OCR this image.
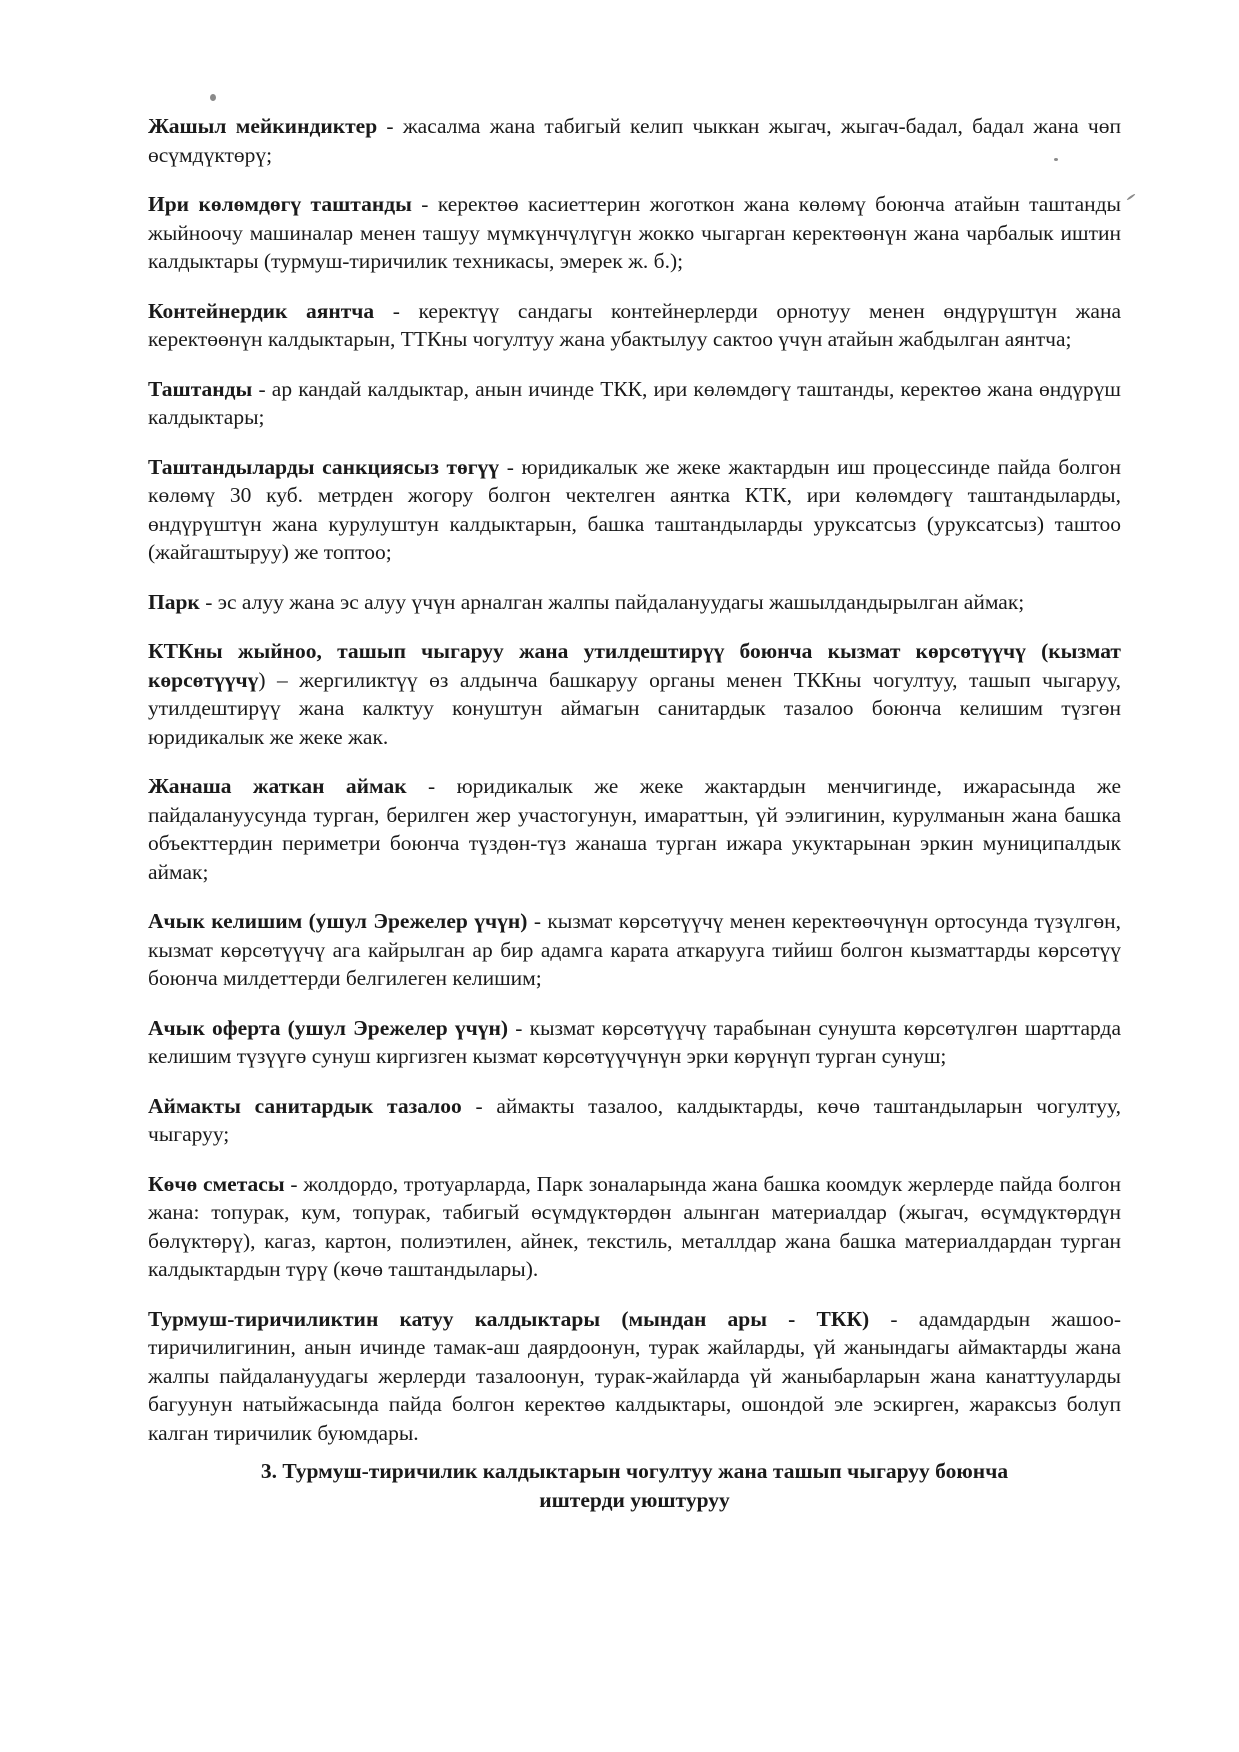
Жашыл мейкиндиктер - жасалма жана табигый келип чыккан жыгач, жыгач-бадал, бадал жана чөп өсүмдүктөрү;

Ири көлөмдөгү таштанды - керектөө касиеттерин жоготкон жана көлөмү боюнча атайын таштанды жыйноочу машиналар менен ташуу мүмкүнчүлүгүн жокко чыгарган керектөөнүн жана чарбалык иштин калдыктары (турмуш-тиричилик техникасы, эмерек ж. б.);

Контейнердик аянтча - керектүү сандагы контейнерлерди орнотуу менен өндүрүштүн жана керектөөнүн калдыктарын, ТТКны чогултуу жана убактылуу сактоо үчүн атайын жабдылган аянтча;

Таштанды - ар кандай калдыктар, анын ичинде ТКК, ири көлөмдөгү таштанды, керектөө жана өндүрүш калдыктары;

Таштандыларды санкциясыз төгүү - юридикалык же жеке жактардын иш процессинде пайда болгон көлөмү 30 куб. метрден жогору болгон чектелген аянтка КТК, ири көлөмдөгү таштандыларды, өндүрүштүн жана курулуштун калдыктарын, башка таштандыларды уруксатсыз (уруксатсыз) таштоо (жайгаштыруу) же топтоо;

Парк - эс алуу жана эс алуу үчүн арналган жалпы пайдалануудагы жашылдандырылган аймак;

КТКны жыйноо, ташып чыгаруу жана утилдештирүү боюнча кызмат көрсөтүүчү (кызмат көрсөтүүчү) – жергиликтүү өз алдынча башкаруу органы менен ТККны чогултуу, ташып чыгаруу, утилдештирүү жана калктуу конуштун аймагын санитардык тазалоо боюнча келишим түзгөн юридикалык же жеке жак.

Жанаша жаткан аймак - юридикалык же жеке жактардын менчигинде, ижарасында же пайдалануусунда турган, берилген жер участогунун, имараттын, үй ээлигинин, курулманын жана башка объекттердин периметри боюнча түздөн-түз жанаша турган ижара укуктарынан эркин муниципалдык аймак;

Ачык келишим (ушул Эрежелер үчүн) - кызмат көрсөтүүчү менен керектөөчүнүн ортосунда түзүлгөн, кызмат көрсөтүүчү ага кайрылган ар бир адамга карата аткарууга тийиш болгон кызматтарды көрсөтүү боюнча милдеттерди белгилеген келишим;

Ачык оферта (ушул Эрежелер үчүн) - кызмат көрсөтүүчү тарабынан сунушта көрсөтүлгөн шарттарда келишим түзүүгө сунуш киргизген кызмат көрсөтүүчүнүн эрки көрүнүп турган сунуш;

Аймакты санитардык тазалоо - аймакты тазалоо, калдыктарды, көчө таштандыларын чогултуу, чыгаруу;

Көчө сметасы - жолдордо, тротуарларда, Парк зоналарында жана башка коомдук жерлерде пайда болгон жана: топурак, кум, топурак, табигый өсүмдүктөрдөн алынган материалдар (жыгач, өсүмдүктөрдүн бөлүктөрү), кагаз, картон, полиэтилен, айнек, текстиль, металлдар жана башка материалдардан турган калдыктардын түрү (көчө таштандылары).

Турмуш-тиричиликтин катуу калдыктары (мындан ары - ТКК) - адамдардын жашоо-тиричилигинин, анын ичинде тамак-аш даярдоонун, турак жайларды, үй жанындагы аймактарды жана жалпы пайдалануудагы жерлерди тазалоонун, турак-жайларда үй жаныбарларын жана канаттууларды багуунун натыйжасында пайда болгон керектөө калдыктары, ошондой эле эскирген, жараксыз болуп калган тиричилик буюмдары.

3. Турмуш-тиричилик калдыктарын чогултуу жана ташып чыгаруу боюнча
иштерди уюштуруу
